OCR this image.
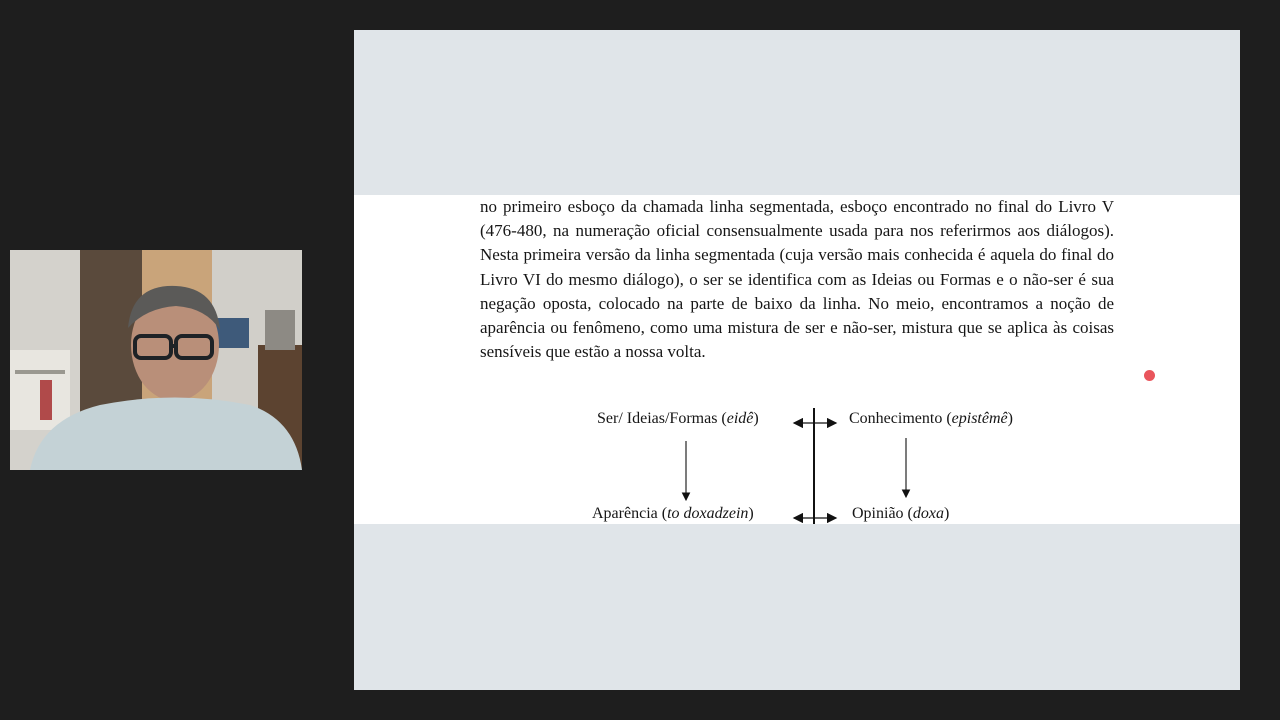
no primeiro esboço da chamada linha segmentada, esboço encontrado no final do Livro V (476-480, na numeração oficial consensualmente usada para nos referirmos aos diálogos). Nesta primeira versão da linha segmentada (cuja versão mais conhecida é aquela do final do Livro VI do mesmo diálogo), o ser se identifica com as Ideias ou Formas e o não-ser é sua negação oposta, colocado na parte de baixo da linha. No meio, encontramos a noção de aparência ou fenômeno, como uma mistura de ser e não-ser, mistura que se aplica às coisas sensíveis que estão a nossa volta.

Ser/ Ideias/Formas (eidê)	Conhecimento (epistêmê)
Aparência (to doxadzein)	Opinião (doxa)
